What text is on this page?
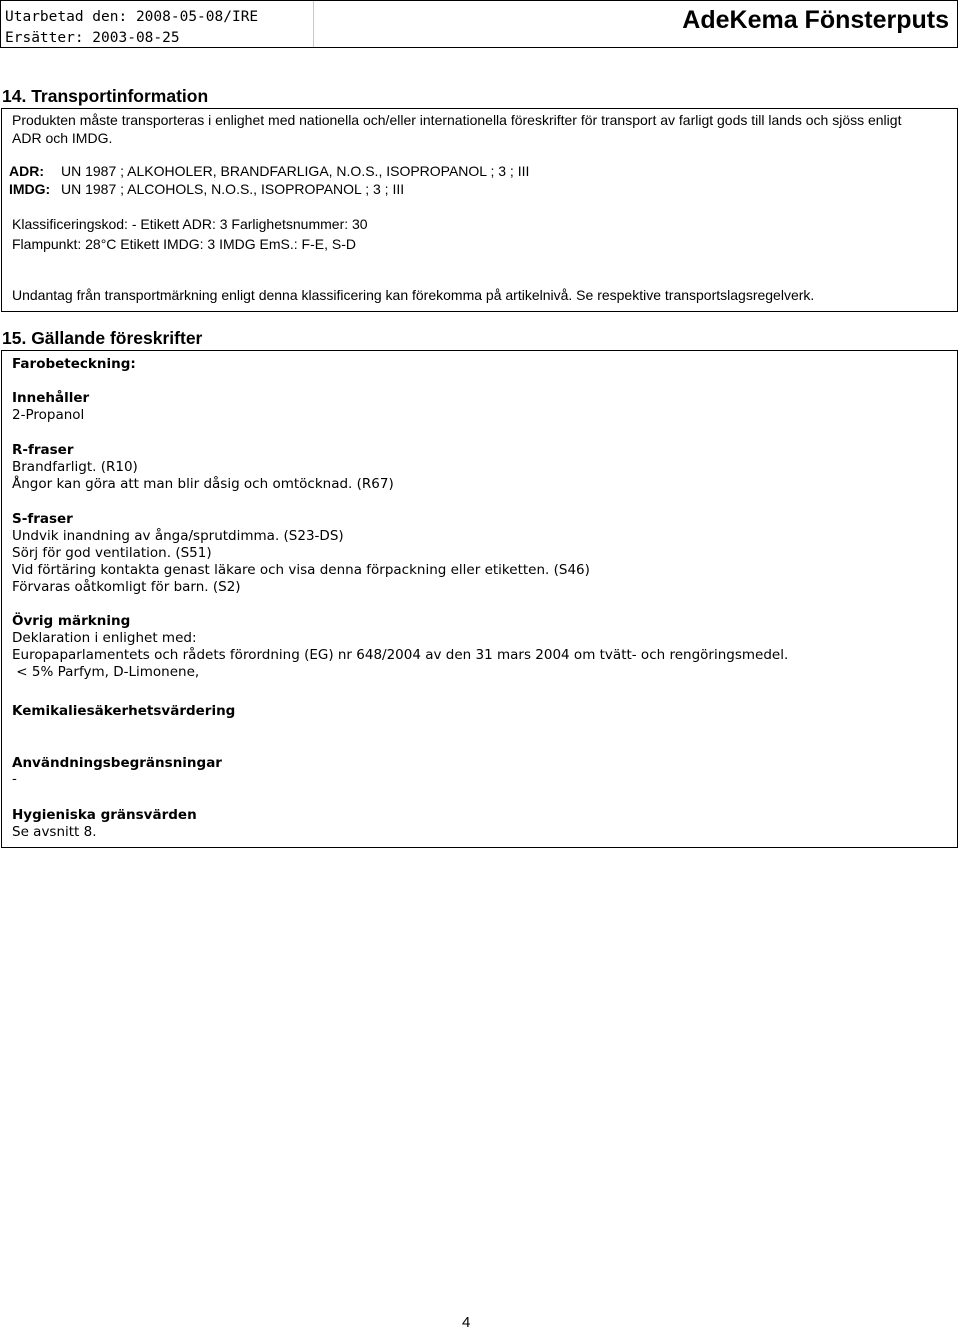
Utarbetad den: 2008-05-08/IRE
Ersätter: 2003-08-25
AdeKema Fönsterputs
14. Transportinformation
Produkten måste transporteras i enlighet med nationella och/eller internationella föreskrifter för transport av farligt gods till lands och sjöss enligt
ADR och IMDG.
ADR: UN 1987 ; ALKOHOLER, BRANDFARLIGA, N.O.S., ISOPROPANOL ; 3 ; III
IMDG: UN 1987 ; ALCOHOLS, N.O.S., ISOPROPANOL ; 3 ; III
Klassificeringskod: - Etikett ADR: 3 Farlighetsnummer: 30
Flampunkt: 28°C Etikett IMDG: 3 IMDG EmS.: F-E, S-D
Undantag från transportmärkning enligt denna klassificering kan förekomma på artikelnivå. Se respektive transportslagsregelverk.
15. Gällande föreskrifter
Farobeteckning:
Innehåller
2-Propanol
R-fraser
Brandfarligt. (R10)
Ångor kan göra att man blir dåsig och omtöcknad. (R67)
S-fraser
Undvik inandning av ånga/sprutdimma. (S23-DS)
Sörj för god ventilation. (S51)
Vid förtäring kontakta genast läkare och visa denna förpackning eller etiketten. (S46)
Förvaras oåtkomligt för barn. (S2)
Övrig märkning
Deklaration i enlighet med:
Europaparlamentets och rådets förordning (EG) nr 648/2004 av den 31 mars 2004 om tvätt- och rengöringsmedel.
< 5% Parfym, D-Limonene,
Kemikaliesäkerhetsvärdering
Användningsbegränsningar
-
Hygieniska gränsvärden
Se avsnitt 8.
4
